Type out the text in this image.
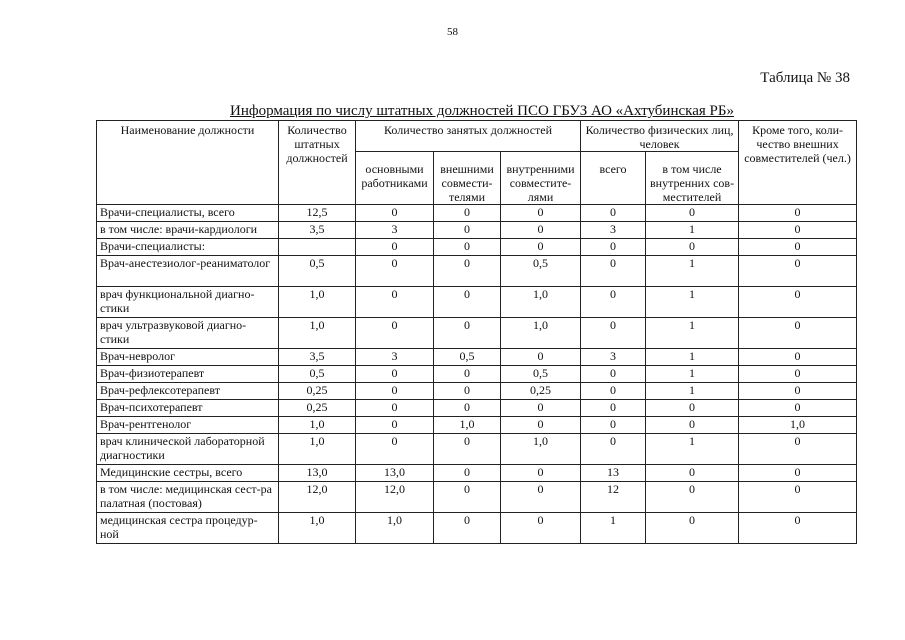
58
Таблица № 38
Информация по числу штатных должностей ПСО ГБУЗ АО «Ахтубинская РБ»
Наименование должности	Количество штатных должностей	Количество занятых должностей			Количество физических лиц, человек		Кроме того, коли-чество внешних совместителей (чел.)
		основными работниками	внешними совмести-телями	внутренними совместите-лями	всего	в том числе внутренних сов-местителей	
Врачи-специалисты, всего	12,5	0	0	0	0	0	0
в том числе: врачи-кардиологи	3,5	3	0	0	3	1	0
Врачи-специалисты:		0	0	0	0	0	0
Врач-анестезиолог-реаниматолог	0,5	0	0	0,5	0	1	0
врач функциональной диагно-стики	1,0	0	0	1,0	0	1	0
врач ультразвуковой диагно-стики	1,0	0	0	1,0	0	1	0
Врач-невролог	3,5	3	0,5	0	3	1	0
Врач-физиотерапевт	0,5	0	0	0,5	0	1	0
Врач-рефлексотерапевт	0,25	0	0	0,25	0	1	0
Врач-психотерапевт	0,25	0	0	0	0	0	0
Врач-рентгенолог	1,0	0	1,0	0	0	0	1,0
врач клинической лабораторной диагностики	1,0	0	0	1,0	0	1	0
Медицинские сестры, всего	13,0	13,0	0	0	13	0	0
в том числе: медицинская сест-ра палатная (постовая)	12,0	12,0	0	0	12	0	0
медицинская сестра процедур-ной	1,0	1,0	0	0	1	0	0
